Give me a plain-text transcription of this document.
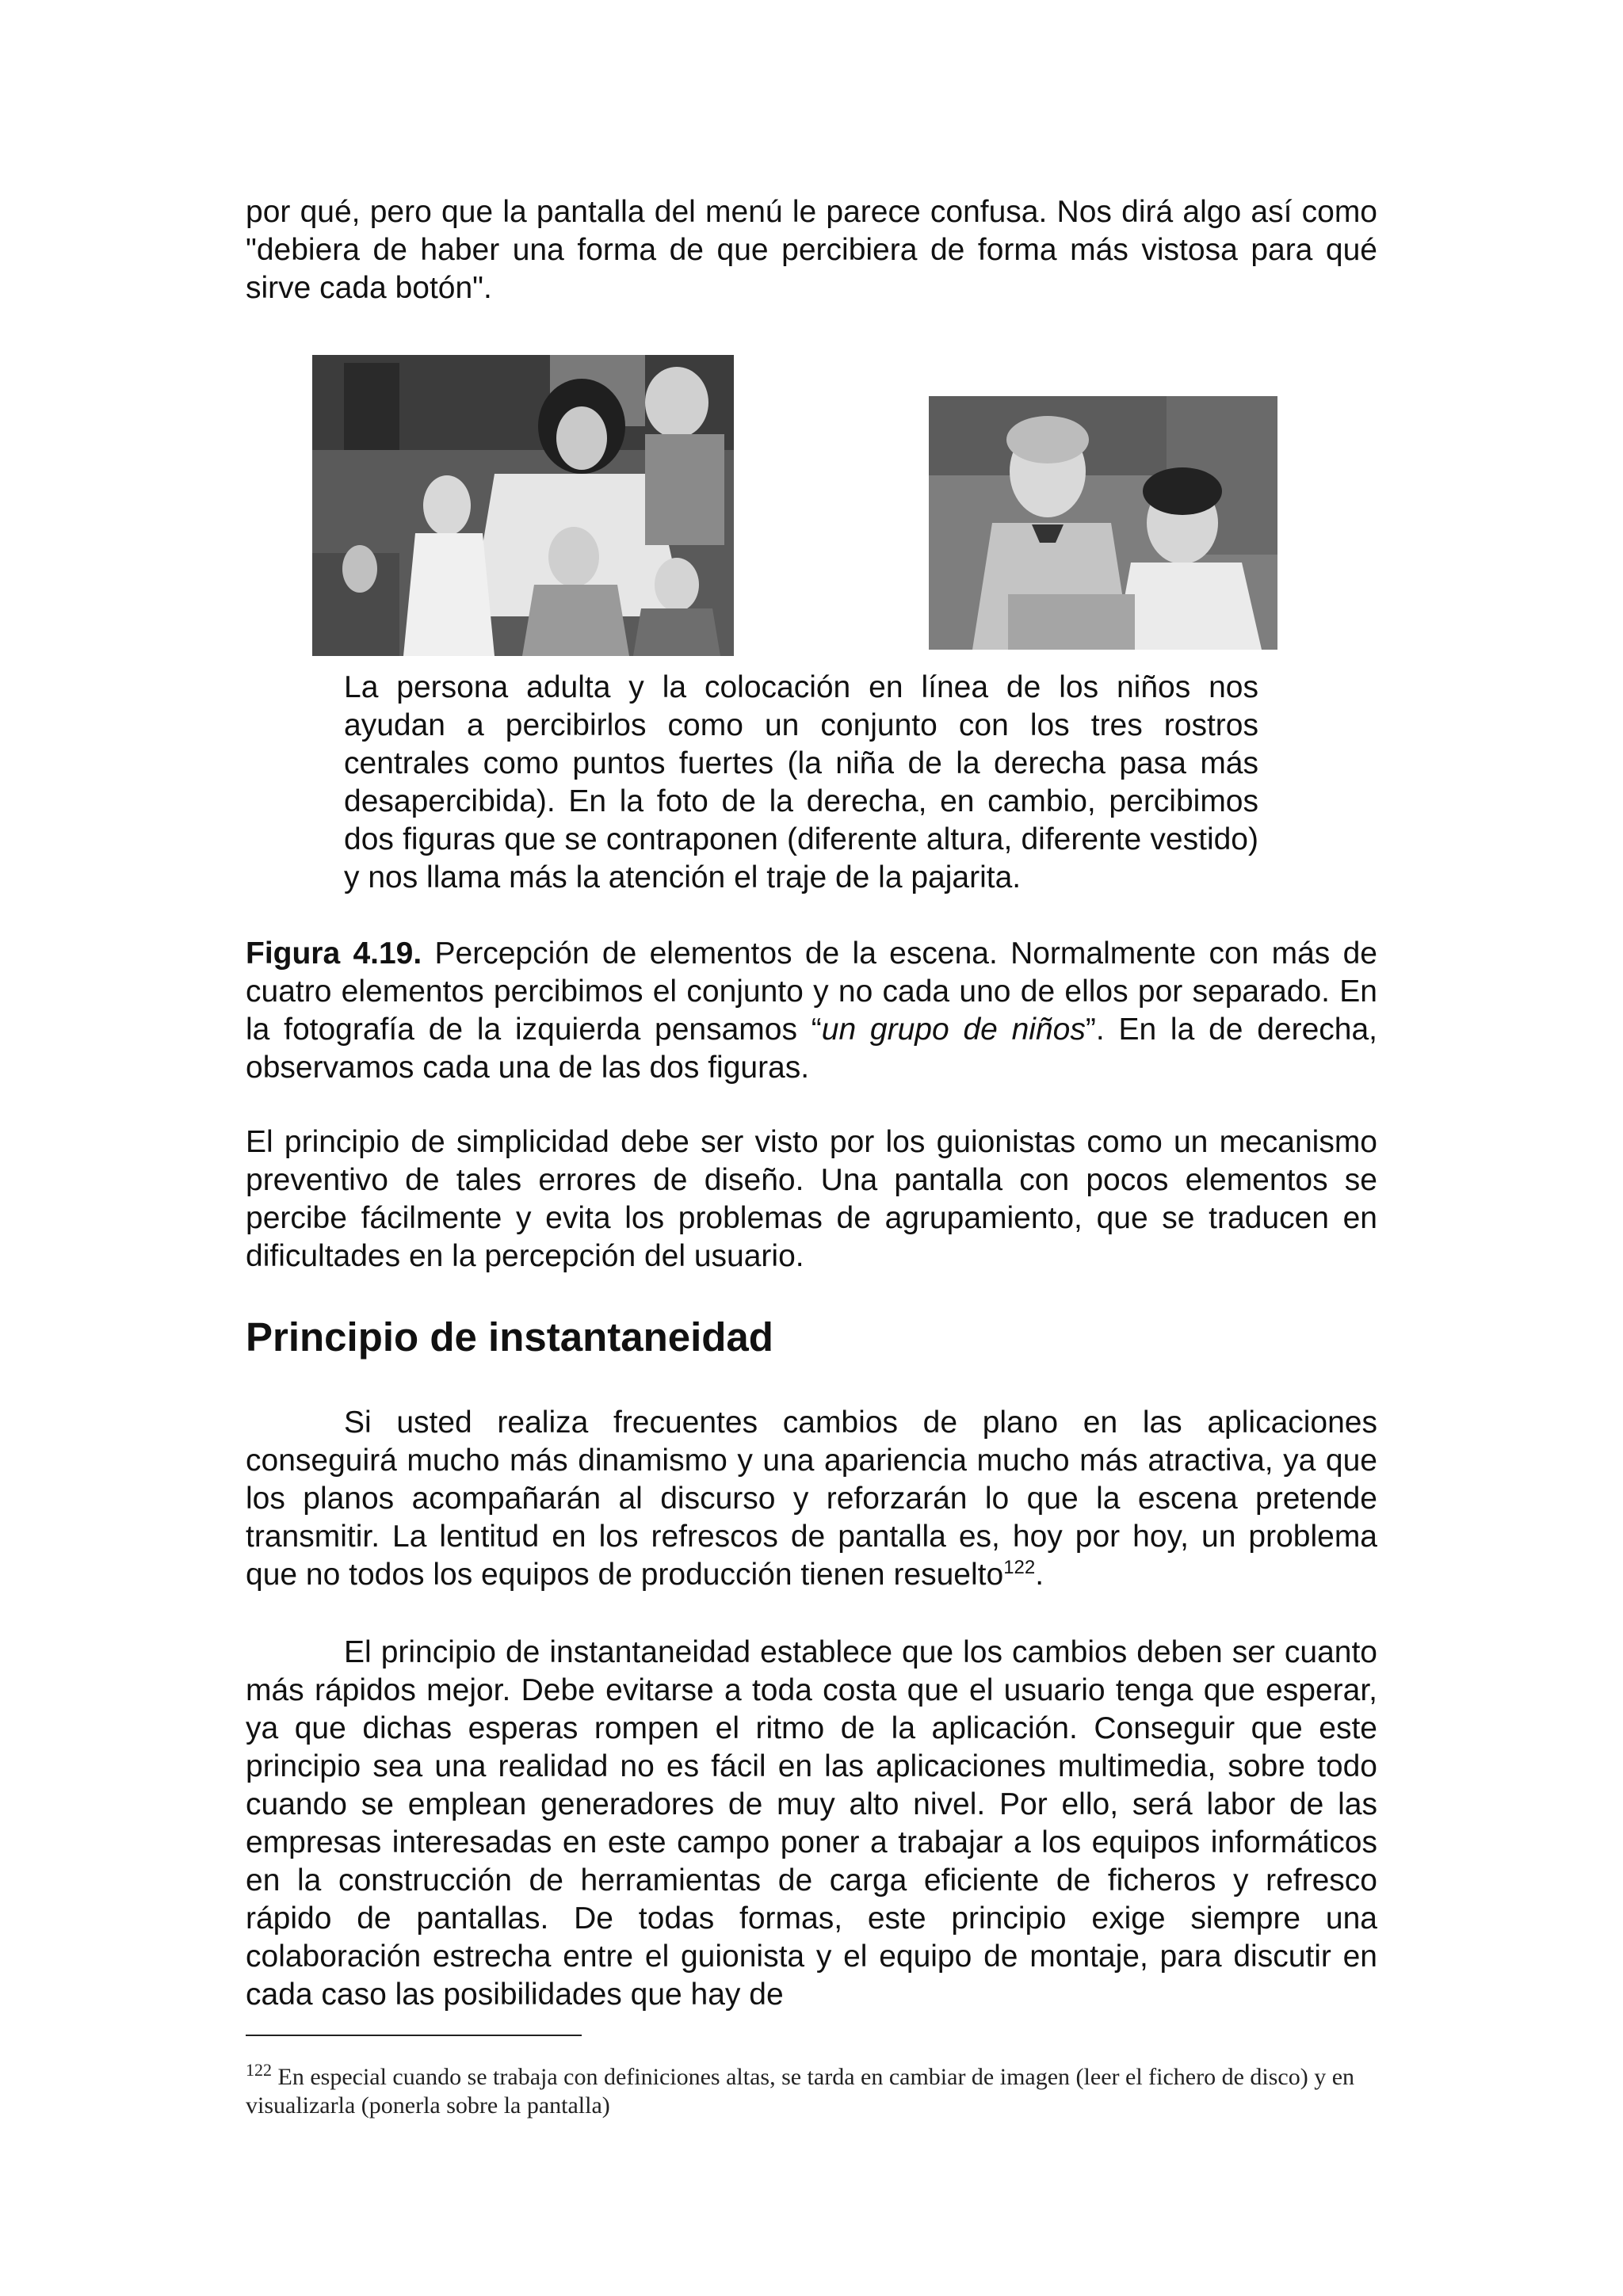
por qué, pero que la pantalla del menú le parece confusa. Nos dirá algo así como "debiera de haber una forma de que percibiera de forma más vistosa para qué sirve cada botón".

La persona adulta y la colocación en línea de los niños nos ayudan a percibirlos como un conjunto con los tres rostros centrales como puntos fuertes (la niña de la derecha pasa más desapercibida). En la foto de la derecha, en cambio, percibimos dos figuras que se contraponen (diferente altura, diferente vestido) y nos llama más la atención el traje de la pajarita.

Figura 4.19. Percepción de elementos de la escena. Normalmente con más de cuatro elementos percibimos el conjunto y no cada uno de ellos por separado. En la fotografía de la izquierda pensamos “un grupo de niños”. En la de derecha, observamos cada una de las dos figuras.

El principio de simplicidad debe ser visto por los guionistas como un mecanismo preventivo de tales errores de diseño. Una pantalla con pocos elementos se percibe fácilmente y evita los problemas de agrupamiento, que se traducen en dificultades en la percepción del usuario.

Principio de instantaneidad

Si usted realiza frecuentes cambios de plano en las aplicaciones conseguirá mucho más dinamismo y una apariencia mucho más atractiva, ya que los planos acompañarán al discurso y reforzarán lo que la escena pretende transmitir. La lentitud en los refrescos de pantalla es, hoy por hoy, un problema que no todos los equipos de producción tienen resuelto$^{122}$.

El principio de instantaneidad establece que los cambios deben ser cuanto más rápidos mejor. Debe evitarse a toda costa que el usuario tenga que esperar, ya que dichas esperas rompen el ritmo de la aplicación. Conseguir que este principio sea una realidad no es fácil en las aplicaciones multimedia, sobre todo cuando se emplean generadores de muy alto nivel. Por ello, será labor de las empresas interesadas en este campo poner a trabajar a los equipos informáticos en la construcción de herramientas de carga eficiente de ficheros y refresco rápido de pantallas. De todas formas, este principio exige siempre una colaboración estrecha entre el guionista y el equipo de montaje, para discutir en cada caso las posibilidades que hay de

$^{122}$ En especial cuando se trabaja con definiciones altas, se tarda en cambiar de imagen (leer el fichero de disco) y en visualizarla (ponerla sobre la pantalla)
